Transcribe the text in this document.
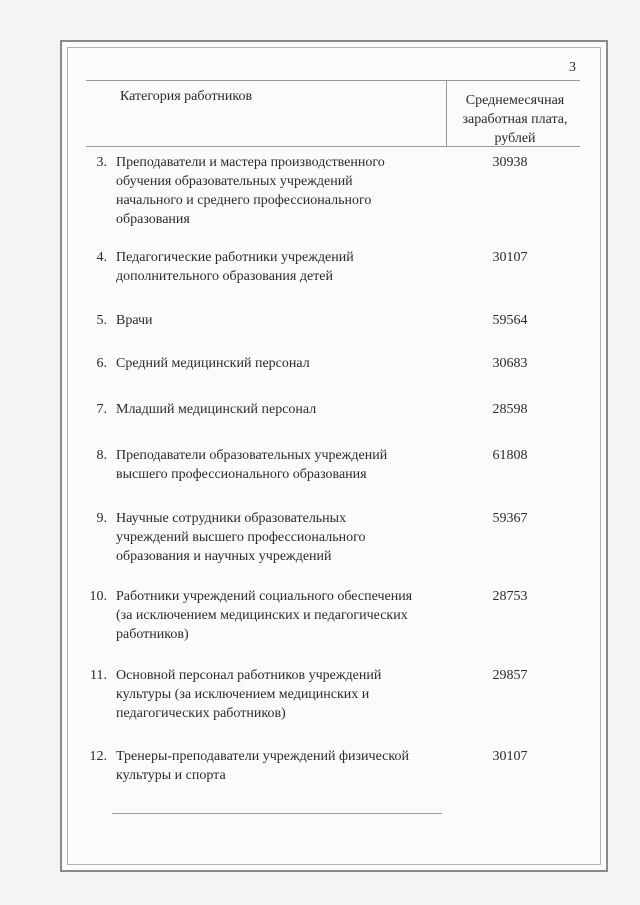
3
Категория работников	Среднемесячная
заработная плата,
рублей
3. Преподаватели и мастера производственного
обучения образовательных учреждений
начального и среднего профессионального
образования
30938
4. Педагогические работники учреждений
дополнительного образования детей
30107
5. Врачи	59564
6. Средний медицинский персонал	30683
7. Младший медицинский персонал	28598
8. Преподаватели образовательных учреждений
высшего профессионального образования
61808
9. Научные сотрудники образовательных
учреждений высшего профессионального
образования и научных учреждений
59367
10. Работники учреждений социального обеспечения
(за исключением медицинских и педагогических
работников)
28753
11. Основной персонал работников учреждений
культуры (за исключением медицинских и
педагогических работников)
29857
12. Тренеры-преподаватели учреждений физической
культуры и спорта
30107
